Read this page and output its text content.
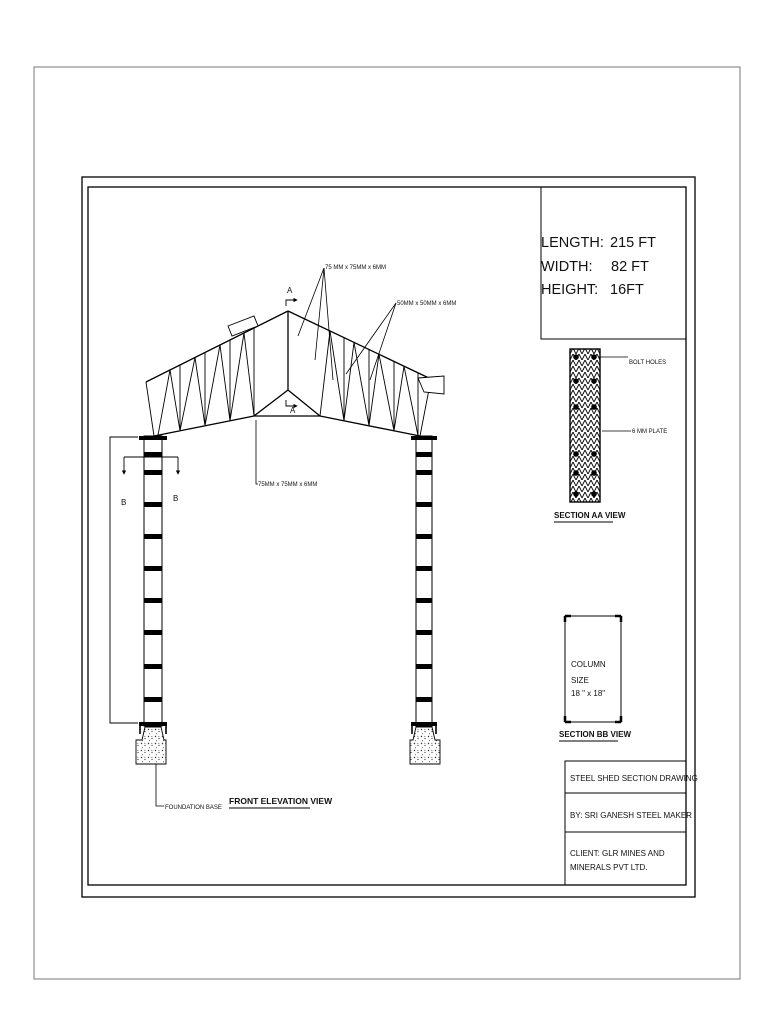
LENGTH: 215 FT
WIDTH: 82 FT
HEIGHT: 16FT
A
A
75 MM x 75MM x 6MM
50MM x 50MM x 6MM
75MM x 75MM x 6MM
B	B
FOUNDATION BASE
FRONT ELEVATION VIEW
BOLT HOLES
6 MM PLATE
SECTION AA VIEW
COLUMN
SIZE
18 " x 18"
SECTION BB VIEW
STEEL SHED SECTION DRAWING
BY: SRI GANESH STEEL MAKER
CLIENT: GLR MINES AND
MINERALS PVT LTD.
